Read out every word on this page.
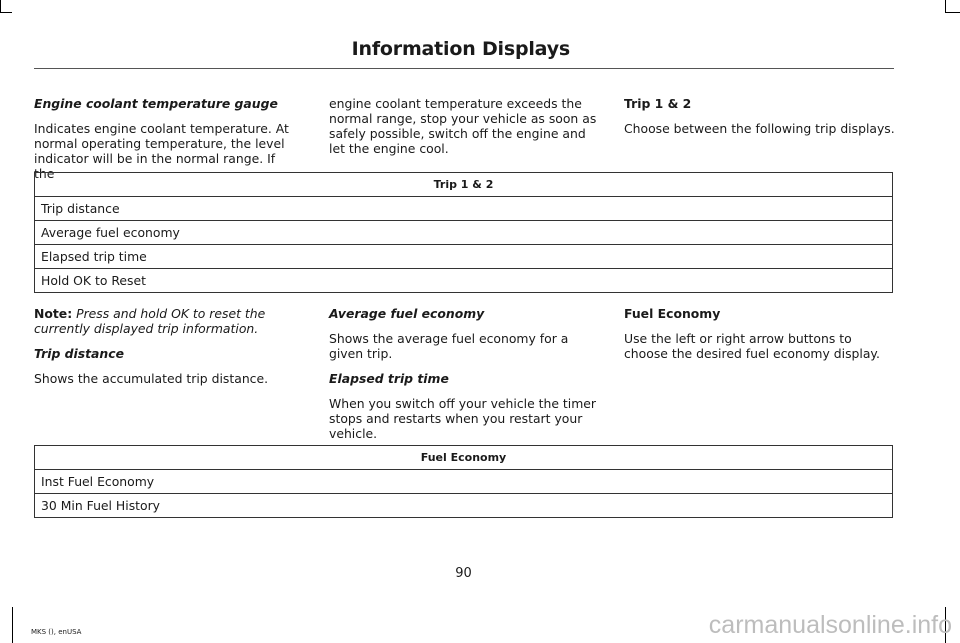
Information Displays
Engine coolant temperature gauge

Indicates engine coolant temperature. At normal operating temperature, the level indicator will be in the normal range. If the

engine coolant temperature exceeds the normal range, stop your vehicle as soon as safely possible, switch off the engine and let the engine cool.

Trip 1 & 2

Choose between the following trip displays.

Trip 1 & 2
Trip distance
Average fuel economy
Elapsed trip time
Hold OK to Reset

Note: Press and hold OK to reset the currently displayed trip information.

Trip distance

Shows the accumulated trip distance.

Average fuel economy

Shows the average fuel economy for a given trip.

Elapsed trip time

When you switch off your vehicle the timer stops and restarts when you restart your vehicle.

Fuel Economy

Use the left or right arrow buttons to choose the desired fuel economy display.

Fuel Economy
Inst Fuel Economy
30 Min Fuel History

90

MKS (), enUSA	carmanualsonline.info
